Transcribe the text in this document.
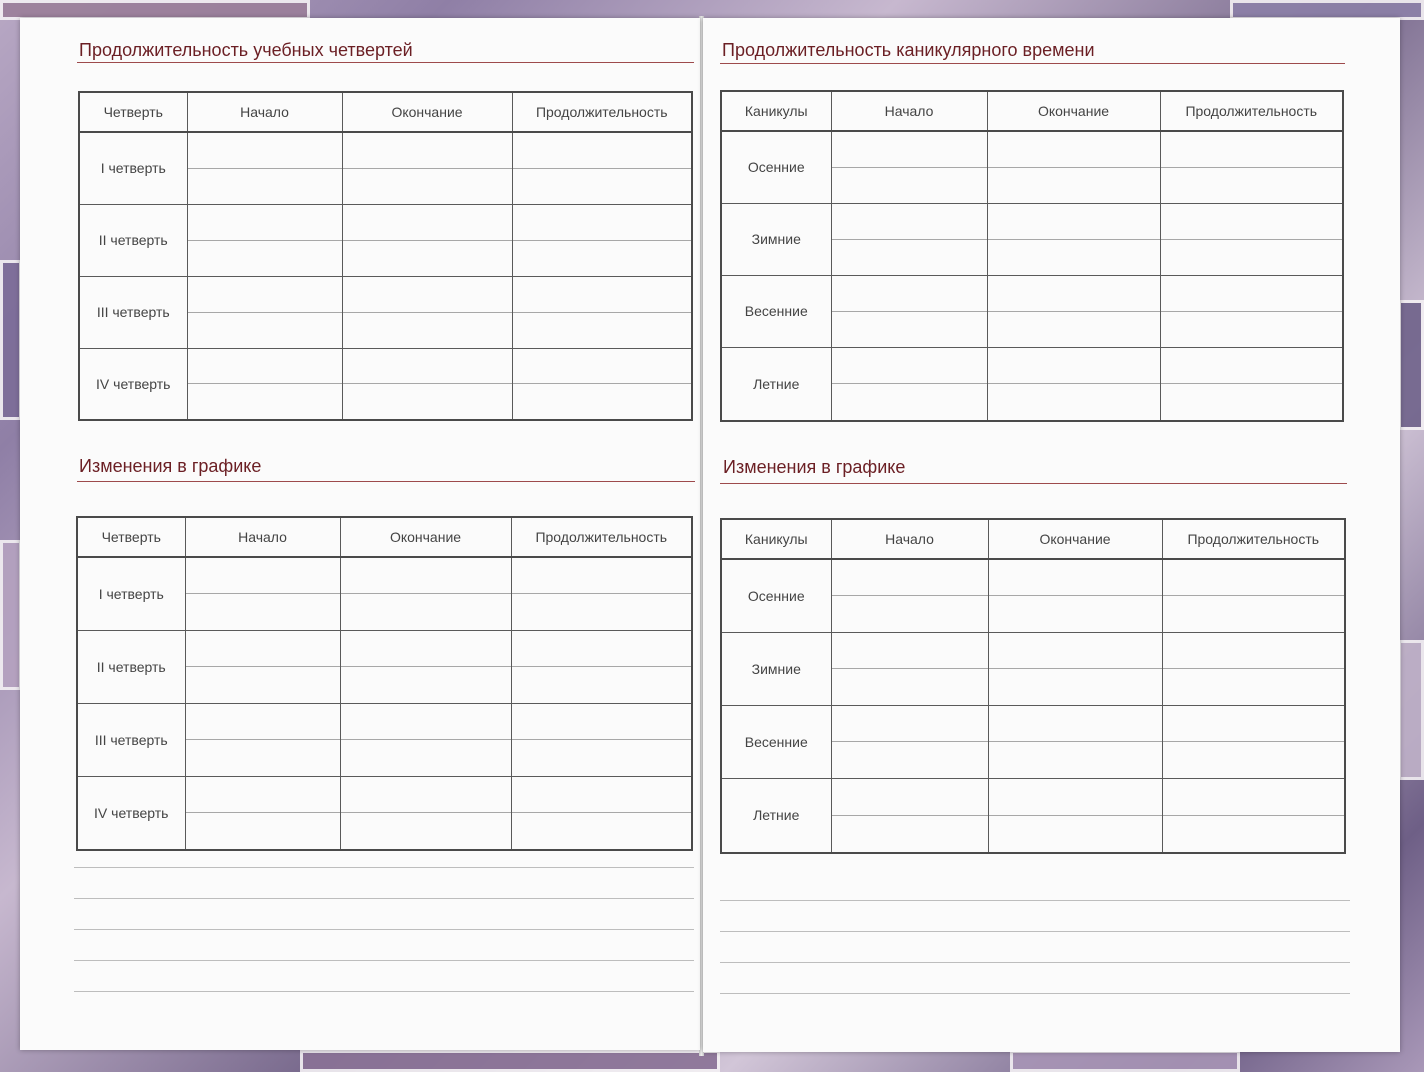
Продолжительность учебных четвертей
Четверть	Начало	Окончание	Продолжительность
I четверть			
II четверть			
III четверть			
IV четверть			
Изменения в графике
Четверть	Начало	Окончание	Продолжительность
I четверть			
II четверть			
III четверть			
IV четверть			
Продолжительность каникулярного времени
Каникулы	Начало	Окончание	Продолжительность
Осенние			
Зимние			
Весенние			
Летние			
Изменения в графике
Каникулы	Начало	Окончание	Продолжительность
Осенние			
Зимние			
Весенние			
Летние			
